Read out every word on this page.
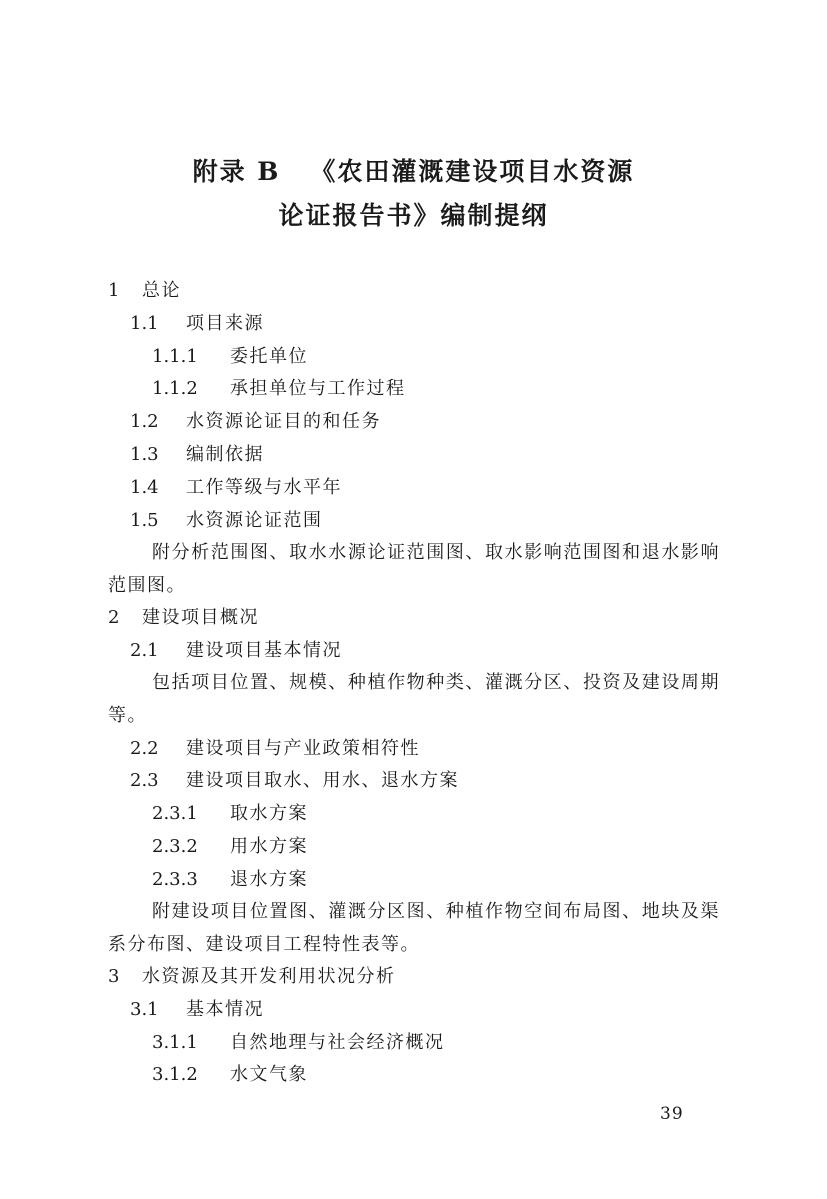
附录 B 《农田灌溉建设项目水资源
论证报告书》编制提纲
1 总论
1.1 项目来源
1.1.1 委托单位
1.1.2 承担单位与工作过程
1.2 水资源论证目的和任务
1.3 编制依据
1.4 工作等级与水平年
1.5 水资源论证范围
附分析范围图、取水水源论证范围图、取水影响范围图和退水影响范围图。
2 建设项目概况
2.1 建设项目基本情况
包括项目位置、规模、种植作物种类、灌溉分区、投资及建设周期等。
2.2 建设项目与产业政策相符性
2.3 建设项目取水、用水、退水方案
2.3.1 取水方案
2.3.2 用水方案
2.3.3 退水方案
附建设项目位置图、灌溉分区图、种植作物空间布局图、地块及渠系分布图、建设项目工程特性表等。
3 水资源及其开发利用状况分析
3.1 基本情况
3.1.1 自然地理与社会经济概况
3.1.2 水文气象
39
